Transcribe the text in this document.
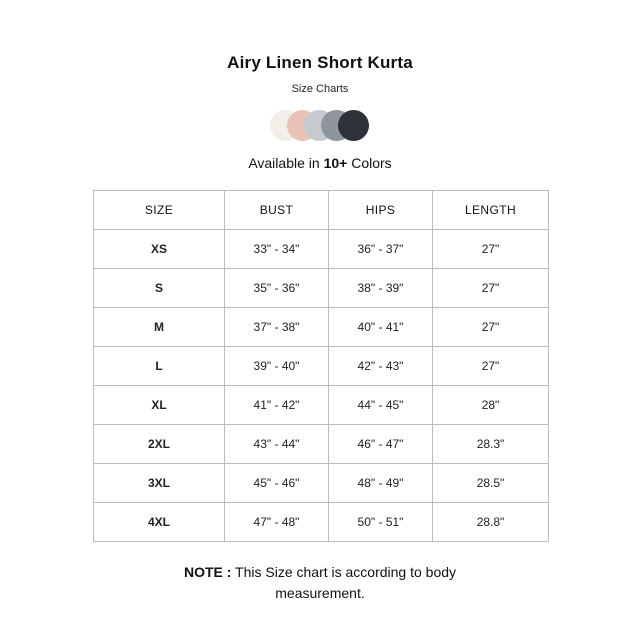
Airy Linen Short Kurta
Size Charts
Available in 10+ Colors
SIZE	BUST	HIPS	LENGTH
XS	33" - 34"	36" - 37"	27"
S	35" - 36"	38" - 39"	27"
M	37" - 38"	40" - 41"	27"
L	39" - 40"	42" - 43"	27"
XL	41" - 42"	44" - 45"	28"
2XL	43" - 44"	46" - 47"	28.3"
3XL	45" - 46"	48" - 49"	28.5"
4XL	47" - 48"	50" - 51"	28.8"
NOTE : This Size chart is according to body
measurement.
